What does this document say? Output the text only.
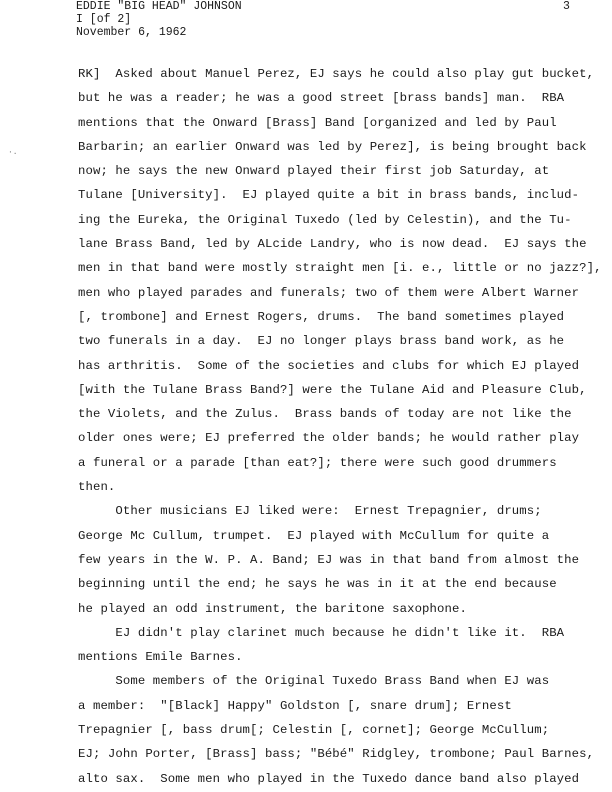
EDDIE "BIG HEAD" JOHNSON
I [of 2]
November 6, 1962
3
·.
RK]  Asked about Manuel Perez, EJ says he could also play gut bucket,
but he was a reader; he was a good street [brass bands] man.  RBA
mentions that the Onward [Brass] Band [organized and led by Paul
Barbarin; an earlier Onward was led by Perez], is being brought back
now; he says the new Onward played their first job Saturday, at
Tulane [University].  EJ played quite a bit in brass bands, includ-
ing the Eureka, the Original Tuxedo (led by Celestin), and the Tu-
lane Brass Band, led by ALcide Landry, who is now dead.  EJ says the
men in that band were mostly straight men [i. e., little or no jazz?],
men who played parades and funerals; two of them were Albert Warner
[, trombone] and Ernest Rogers, drums.  The band sometimes played
two funerals in a day.  EJ no longer plays brass band work, as he
has arthritis.  Some of the societies and clubs for which EJ played
[with the Tulane Brass Band?] were the Tulane Aid and Pleasure Club,
the Violets, and the Zulus.  Brass bands of today are not like the
older ones were; EJ preferred the older bands; he would rather play
a funeral or a parade [than eat?]; there were such good drummers
then.
Other musicians EJ liked were:  Ernest Trepagnier, drums;
George Mc Cullum, trumpet.  EJ played with McCullum for quite a
few years in the W. P. A. Band; EJ was in that band from almost the
beginning until the end; he says he was in it at the end because
he played an odd instrument, the baritone saxophone.
EJ didn't play clarinet much because he didn't like it.  RBA
mentions Emile Barnes.
Some members of the Original Tuxedo Brass Band when EJ was
a member:  "[Black] Happy" Goldston [, snare drum]; Ernest
Trepagnier [, bass drum[; Celestin [, cornet]; George McCullum;
EJ; John Porter, [Brass] bass; "Bébé" Ridgley, trombone; Paul Barnes,
alto sax.  Some men who played in the Tuxedo dance band also played
